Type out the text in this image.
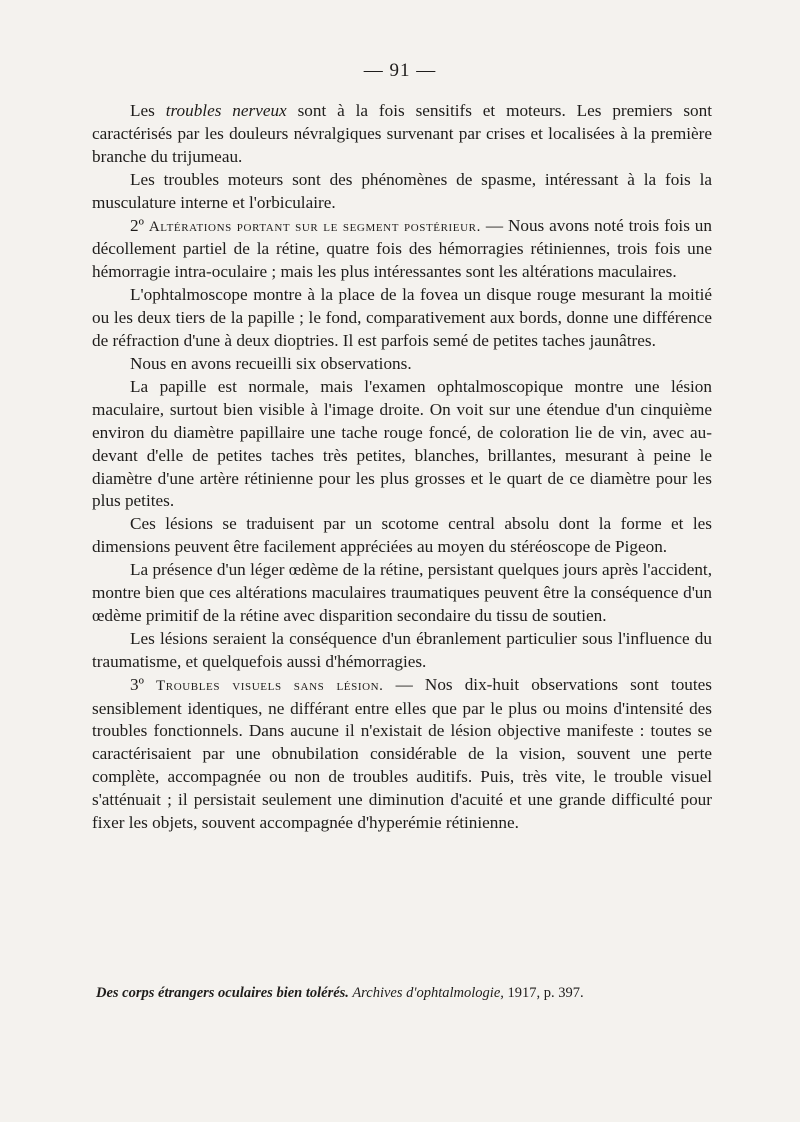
— 91 —

Les troubles nerveux sont à la fois sensitifs et moteurs. Les premiers sont caractérisés par les douleurs névralgiques survenant par crises et localisées à la première branche du trijumeau.

Les troubles moteurs sont des phénomènes de spasme, intéressant à la fois la musculature interne et l'orbiculaire.

2º Altérations portant sur le segment postérieur. — Nous avons noté trois fois un décollement partiel de la rétine, quatre fois des hémorragies rétiniennes, trois fois une hémorragie intra-oculaire ; mais les plus intéressantes sont les altérations maculaires.

L'ophtalmoscope montre à la place de la fovea un disque rouge mesurant la moitié ou les deux tiers de la papille ; le fond, comparativement aux bords, donne une différence de réfraction d'une à deux dioptries. Il est parfois semé de petites taches jaunâtres.

Nous en avons recueilli six observations.

La papille est normale, mais l'examen ophtalmoscopique montre une lésion maculaire, surtout bien visible à l'image droite. On voit sur une étendue d'un cinquième environ du diamètre papillaire une tache rouge foncé, de coloration lie de vin, avec au-devant d'elle de petites taches très petites, blanches, brillantes, mesurant à peine le diamètre d'une artère rétinienne pour les plus grosses et le quart de ce diamètre pour les plus petites.

Ces lésions se traduisent par un scotome central absolu dont la forme et les dimensions peuvent être facilement appréciées au moyen du stéréoscope de Pigeon.

La présence d'un léger œdème de la rétine, persistant quelques jours après l'accident, montre bien que ces altérations maculaires traumatiques peuvent être la conséquence d'un œdème primitif de la rétine avec disparition secondaire du tissu de soutien.

Les lésions seraient la conséquence d'un ébranlement particulier sous l'influence du traumatisme, et quelquefois aussi d'hémorragies.

3º Troubles visuels sans lésion. — Nos dix-huit observations sont toutes sensiblement identiques, ne différant entre elles que par le plus ou moins d'intensité des troubles fonctionnels. Dans aucune il n'existait de lésion objective manifeste : toutes se caractérisaient par une obnubilation considérable de la vision, souvent une perte complète, accompagnée ou non de troubles auditifs. Puis, très vite, le trouble visuel s'atténuait ; il persistait seulement une diminution d'acuité et une grande difficulté pour fixer les objets, souvent accompagnée d'hyperémie rétinienne.

Des corps étrangers oculaires bien tolérés. Archives d'ophtalmologie, 1917, p. 397.
